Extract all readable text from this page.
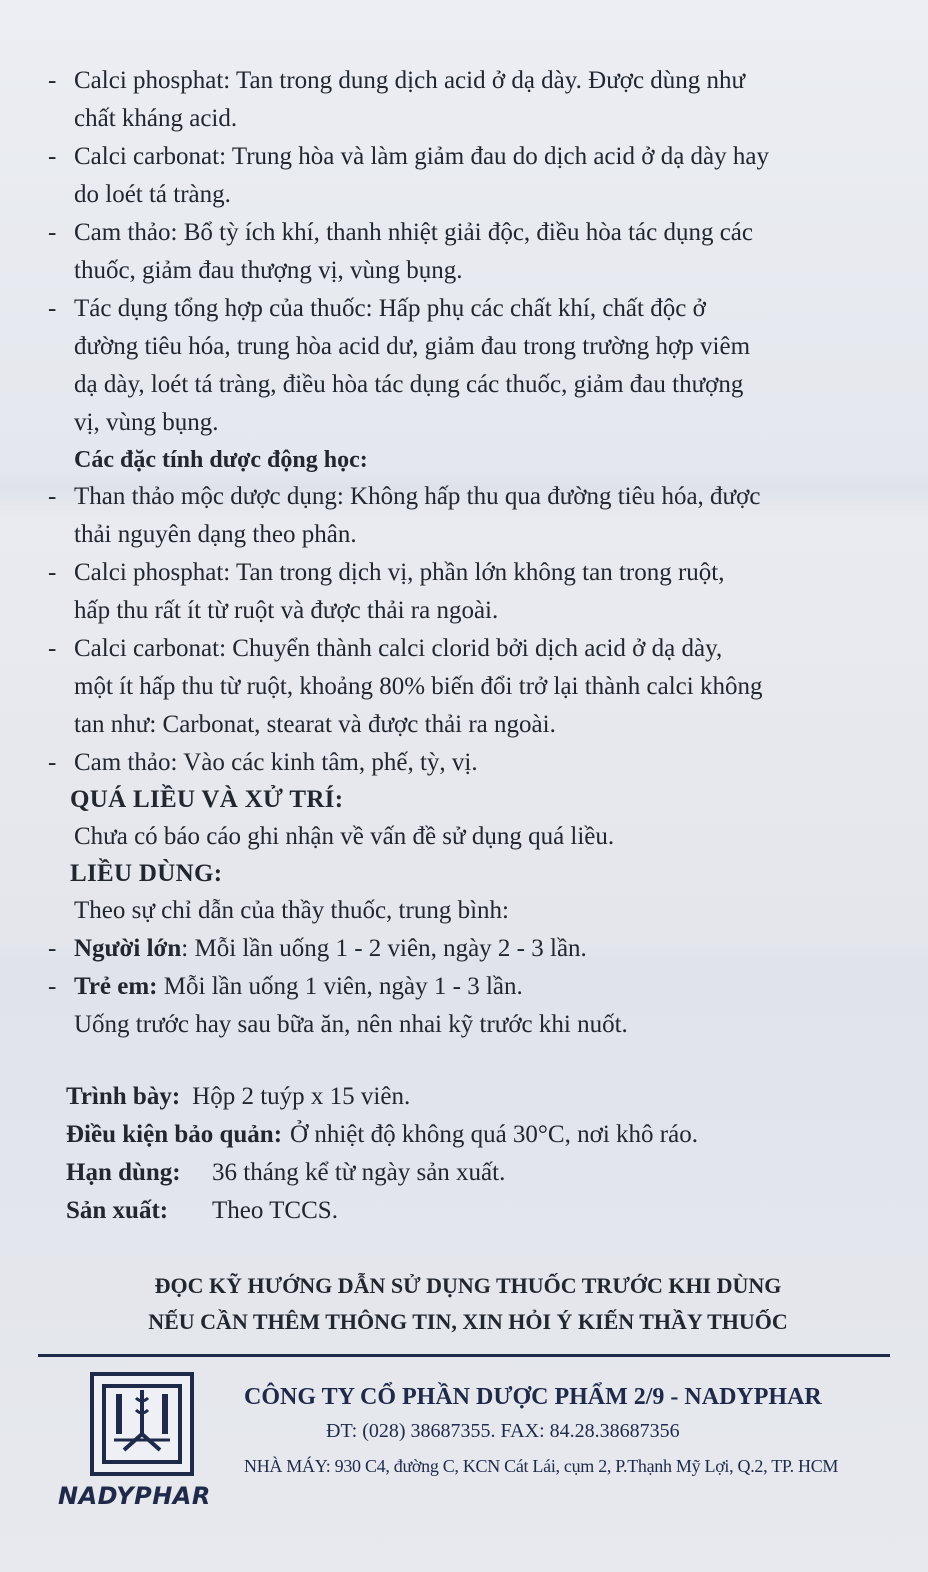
- Calci phosphat: Tan trong dung dịch acid ở dạ dày. Được dùng như
chất kháng acid.
- Calci carbonat: Trung hòa và làm giảm đau do dịch acid ở dạ dày hay
do loét tá tràng.
- Cam thảo: Bổ tỳ ích khí, thanh nhiệt giải độc, điều hòa tác dụng các
thuốc, giảm đau thượng vị, vùng bụng.
- Tác dụng tổng hợp của thuốc: Hấp phụ các chất khí, chất độc ở
đường tiêu hóa, trung hòa acid dư, giảm đau trong trường hợp viêm
dạ dày, loét tá tràng, điều hòa tác dụng các thuốc, giảm đau thượng
vị, vùng bụng.
Các đặc tính dược động học:
- Than thảo mộc dược dụng: Không hấp thu qua đường tiêu hóa, được
thải nguyên dạng theo phân.
- Calci phosphat: Tan trong dịch vị, phần lớn không tan trong ruột,
hấp thu rất ít từ ruột và được thải ra ngoài.
- Calci carbonat: Chuyển thành calci clorid bởi dịch acid ở dạ dày,
một ít hấp thu từ ruột, khoảng 80% biến đổi trở lại thành calci không
tan như: Carbonat, stearat và được thải ra ngoài.
- Cam thảo: Vào các kinh tâm, phế, tỳ, vị.
QUÁ LIỀU VÀ XỬ TRÍ:
Chưa có báo cáo ghi nhận về vấn đề sử dụng quá liều.
LIỀU DÙNG:
Theo sự chỉ dẫn của thầy thuốc, trung bình:
- Người lớn: Mỗi lần uống 1 - 2 viên, ngày 2 - 3 lần.
- Trẻ em: Mỗi lần uống 1 viên, ngày 1 - 3 lần.
Uống trước hay sau bữa ăn, nên nhai kỹ trước khi nuốt.
Trình bày: Hộp 2 tuýp x 15 viên.
Điều kiện bảo quản: Ở nhiệt độ không quá 30°C, nơi khô ráo.
Hạn dùng:	36 tháng kể từ ngày sản xuất.
Sản xuất:	Theo TCCS.
ĐỌC KỸ HƯỚNG DẪN SỬ DỤNG THUỐC TRƯỚC KHI DÙNG
NẾU CẦN THÊM THÔNG TIN, XIN HỎI Ý KIẾN THẦY THUỐC
NADYPHAR
CÔNG TY CỔ PHẦN DƯỢC PHẨM 2/9 - NADYPHAR
ĐT: (028) 38687355. FAX: 84.28.38687356
NHÀ MÁY: 930 C4, đường C, KCN Cát Lái, cụm 2, P.Thạnh Mỹ Lợi, Q.2, TP. HCM
